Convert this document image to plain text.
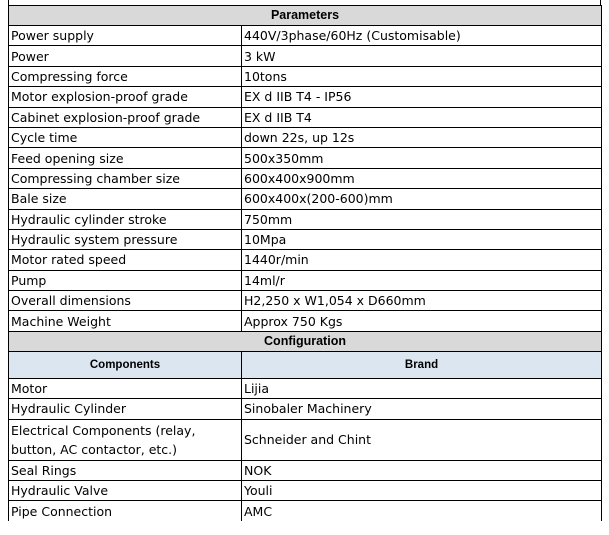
Parameters	
Power supply	440V/3phase/60Hz (Customisable)
Power	3 kW
Compressing force	10tons
Motor explosion-proof grade	EX d IIB T4 - IP56
Cabinet explosion-proof grade	EX d IIB T4
Cycle time	down 22s, up 12s
Feed opening size	500x350mm
Compressing chamber size	600x400x900mm
Bale size	600x400x(200-600)mm
Hydraulic cylinder stroke	750mm
Hydraulic system pressure	10Mpa
Motor rated speed	1440r/min
Pump	14ml/r
Overall dimensions	H2,250 x W1,054 x D660mm
Machine Weight	Approx 750 Kgs
Configuration	
Components	Brand
Motor	Lijia
Hydraulic Cylinder	Sinobaler Machinery
Electrical Components (relay, button, AC contactor, etc.)	Schneider and Chint
Seal Rings	NOK
Hydraulic Valve	Youli
Pipe Connection	AMC
